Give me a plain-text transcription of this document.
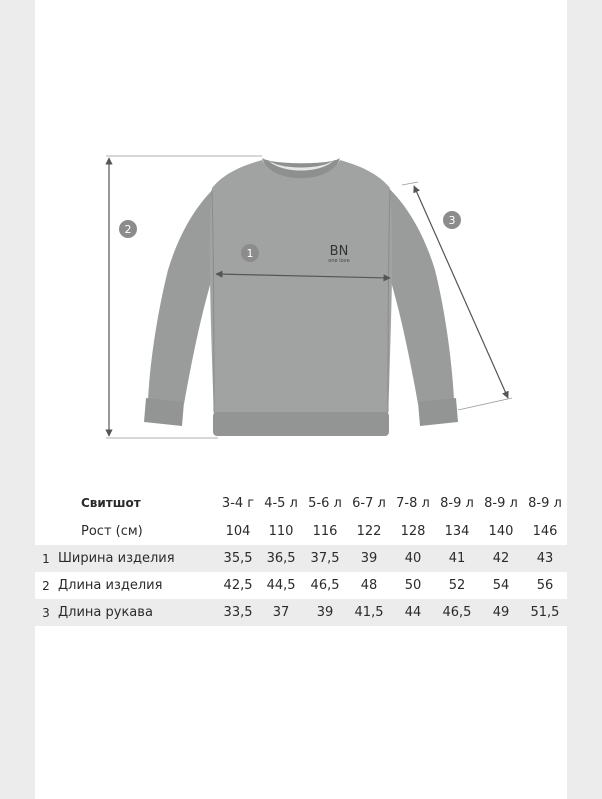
BN
one love
1
2
3
Свитшот		3-4 г	4-5 л	5-6 л	6-7 л	7-8 л	8-9 л	8-9 л	8-9 л
	Рост (см)	104	110	116	122	128	134	140	146
1	Ширина изделия	35,5	36,5	37,5	39	40	41	42	43
2	Длина изделия	42,5	44,5	46,5	48	50	52	54	56
3	Длина рукава	33,5	37	39	41,5	44	46,5	49	51,5
